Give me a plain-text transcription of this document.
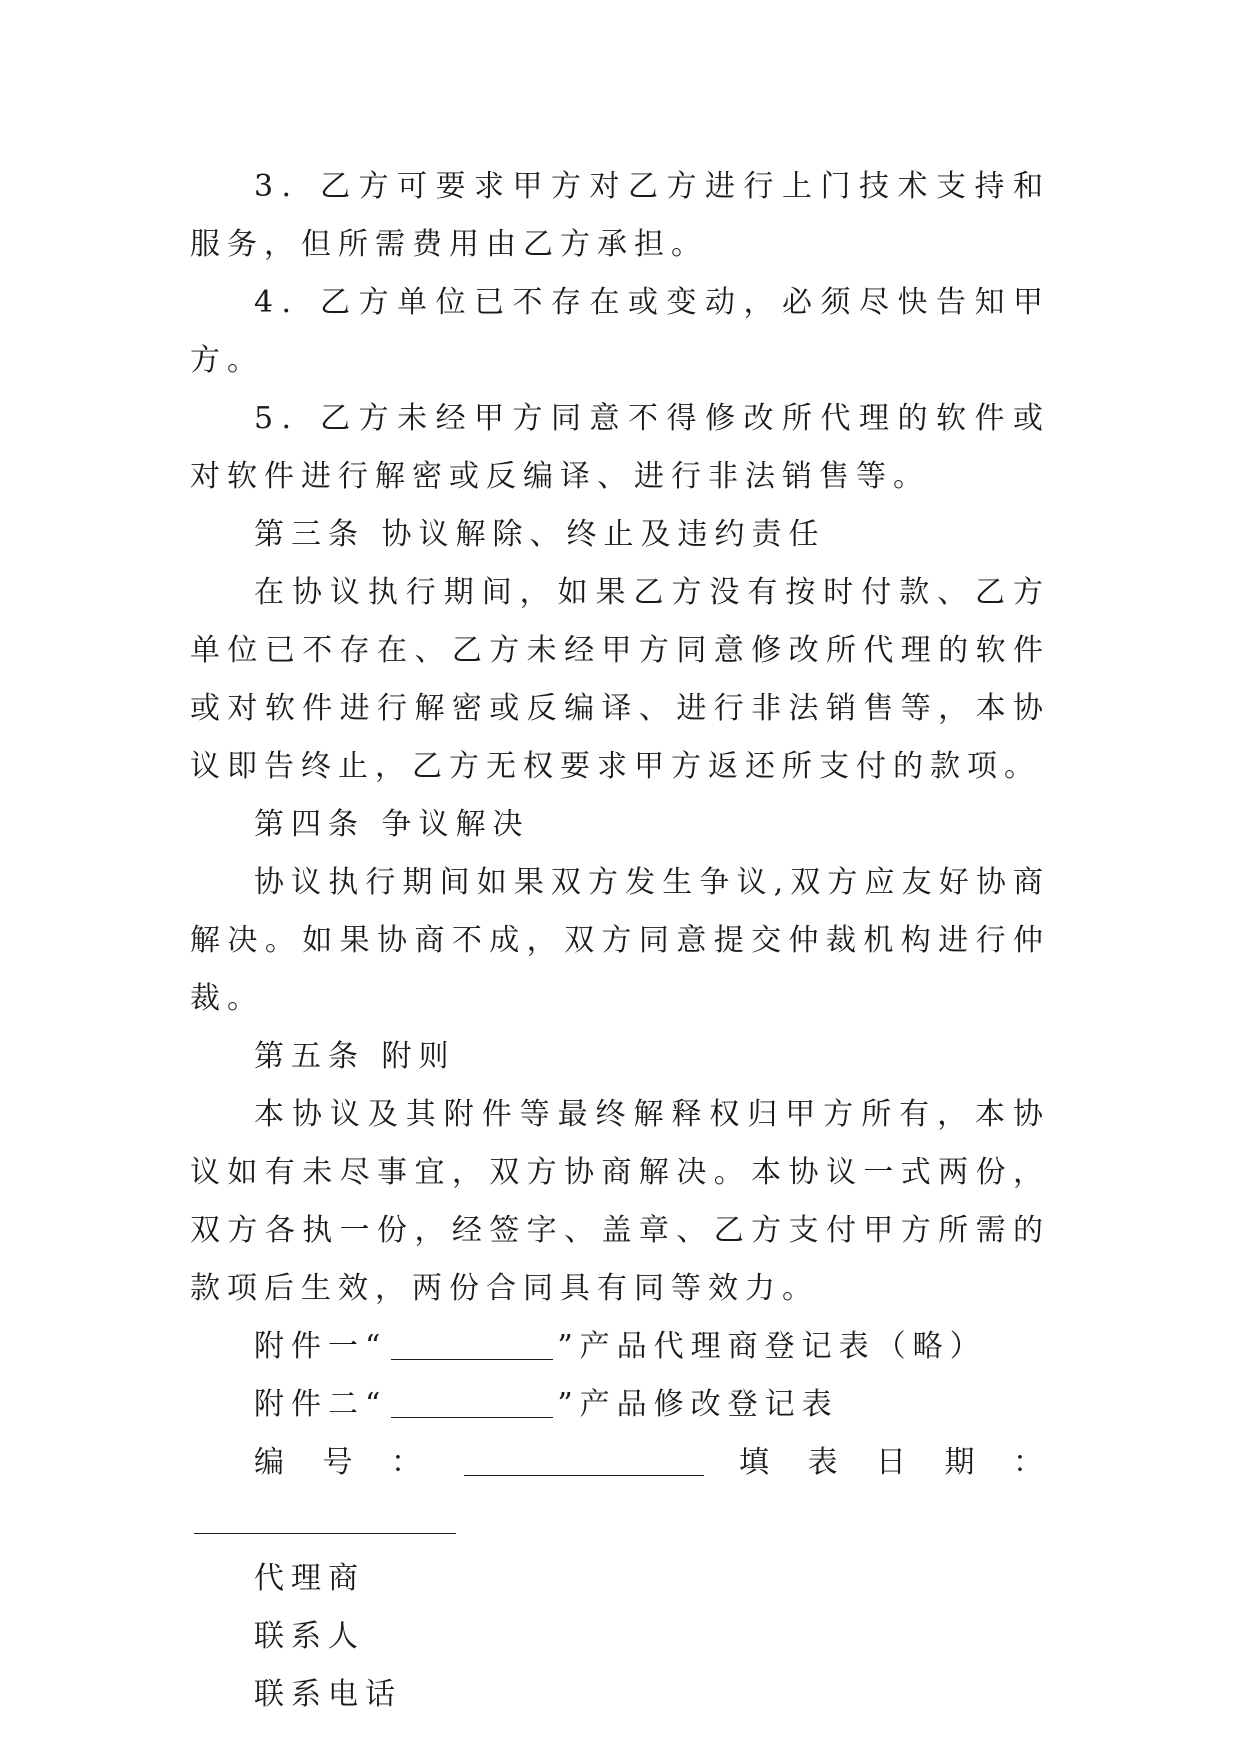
3．乙方可要求甲方对乙方进行上门技术支持和服务，但所需费用由乙方承担。

4．乙方单位已不存在或变动，必须尽快告知甲方。

5．乙方未经甲方同意不得修改所代理的软件或对软件进行解密或反编译、进行非法销售等。

第三条 协议解除、终止及违约责任

在协议执行期间，如果乙方没有按时付款、乙方单位已不存在、乙方未经甲方同意修改所代理的软件或对软件进行解密或反编译、进行非法销售等，本协议即告终止，乙方无权要求甲方返还所支付的款项。

第四条 争议解决

协议执行期间如果双方发生争议,双方应友好协商解决。如果协商不成，双方同意提交仲裁机构进行仲裁。

第五条 附则

本协议及其附件等最终解释权归甲方所有，本协议如有未尽事宜，双方协商解决。本协议一式两份，双方各执一份，经签字、盖章、乙方支付甲方所需的款项后生效，两份合同具有同等效力。

附件一“	”产品代理商登记表（略）

附件二“	”产品修改登记表

编号：	填表日期：

代理商

联系人

联系电话
